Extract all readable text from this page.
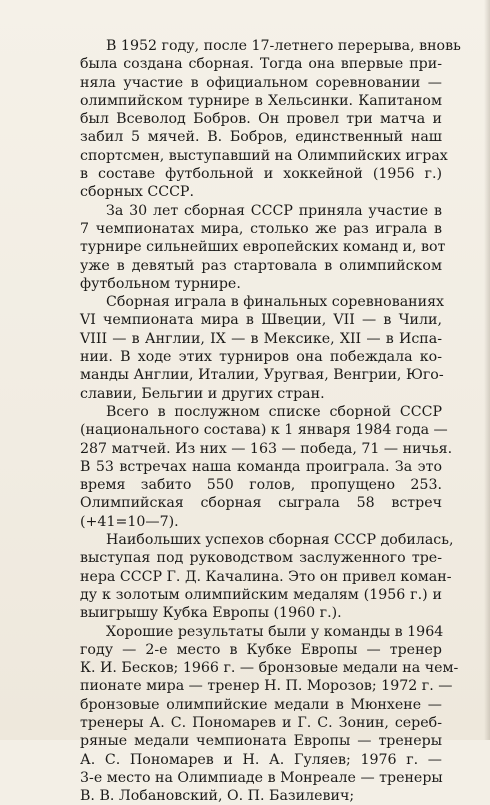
В 1952 году, после 17-летнего перерыва, вновь
была создана сборная. Тогда она впервые при-
няла участие в официальном соревновании —
олимпийском турнире в Хельсинки. Капитаном
был Всеволод Бобров. Он провел три матча и
забил 5 мячей. В. Бобров, единственный наш
спортсмен, выступавший на Олимпийских играх
в составе футбольной и хоккейной (1956 г.)
сборных СССР.

За 30 лет сборная СССР приняла участие в
7 чемпионатах мира, столько же раз играла в
турнире сильнейших европейских команд и, вот
уже в девятый раз стартовала в олимпийском
футбольном турнире.

Сборная играла в финальных соревнованиях
VI чемпионата мира в Швеции, VII — в Чили,
VIII — в Англии, IX — в Мексике, XII — в Испа-
нии. В ходе этих турниров она побеждала ко-
манды Англии, Италии, Уругвая, Венгрии, Юго-
славии, Бельгии и других стран.

Всего в послужном списке сборной СССР
(национального состава) к 1 января 1984 года —
287 матчей. Из них — 163 — победа, 71 — ничья.
В 53 встречах наша команда проиграла. За это
время забито 550 голов, пропущено 253.
Олимпийская сборная сыграла 58 встреч
(+41=10—7).

Наибольших успехов сборная СССР добилась,
выступая под руководством заслуженного тре-
нера СССР Г. Д. Качалина. Это он привел коман-
ду к золотым олимпийским медалям (1956 г.) и
выигрышу Кубка Европы (1960 г.).

Хорошие результаты были у команды в 1964
году — 2-е место в Кубке Европы — тренер
К. И. Бесков; 1966 г. — бронзовые медали на чем-
пионате мира — тренер Н. П. Морозов; 1972 г. —
бронзовые олимпийские медали в Мюнхене —
тренеры А. С. Пономарев и Г. С. Зонин, сереб-
ряные медали чемпионата Европы — тренеры
А. С. Пономарев и Н. А. Гуляев; 1976 г. —
3-е место на Олимпиаде в Монреале — тренеры
В. В. Лобановский, О. П. Базилевич;
